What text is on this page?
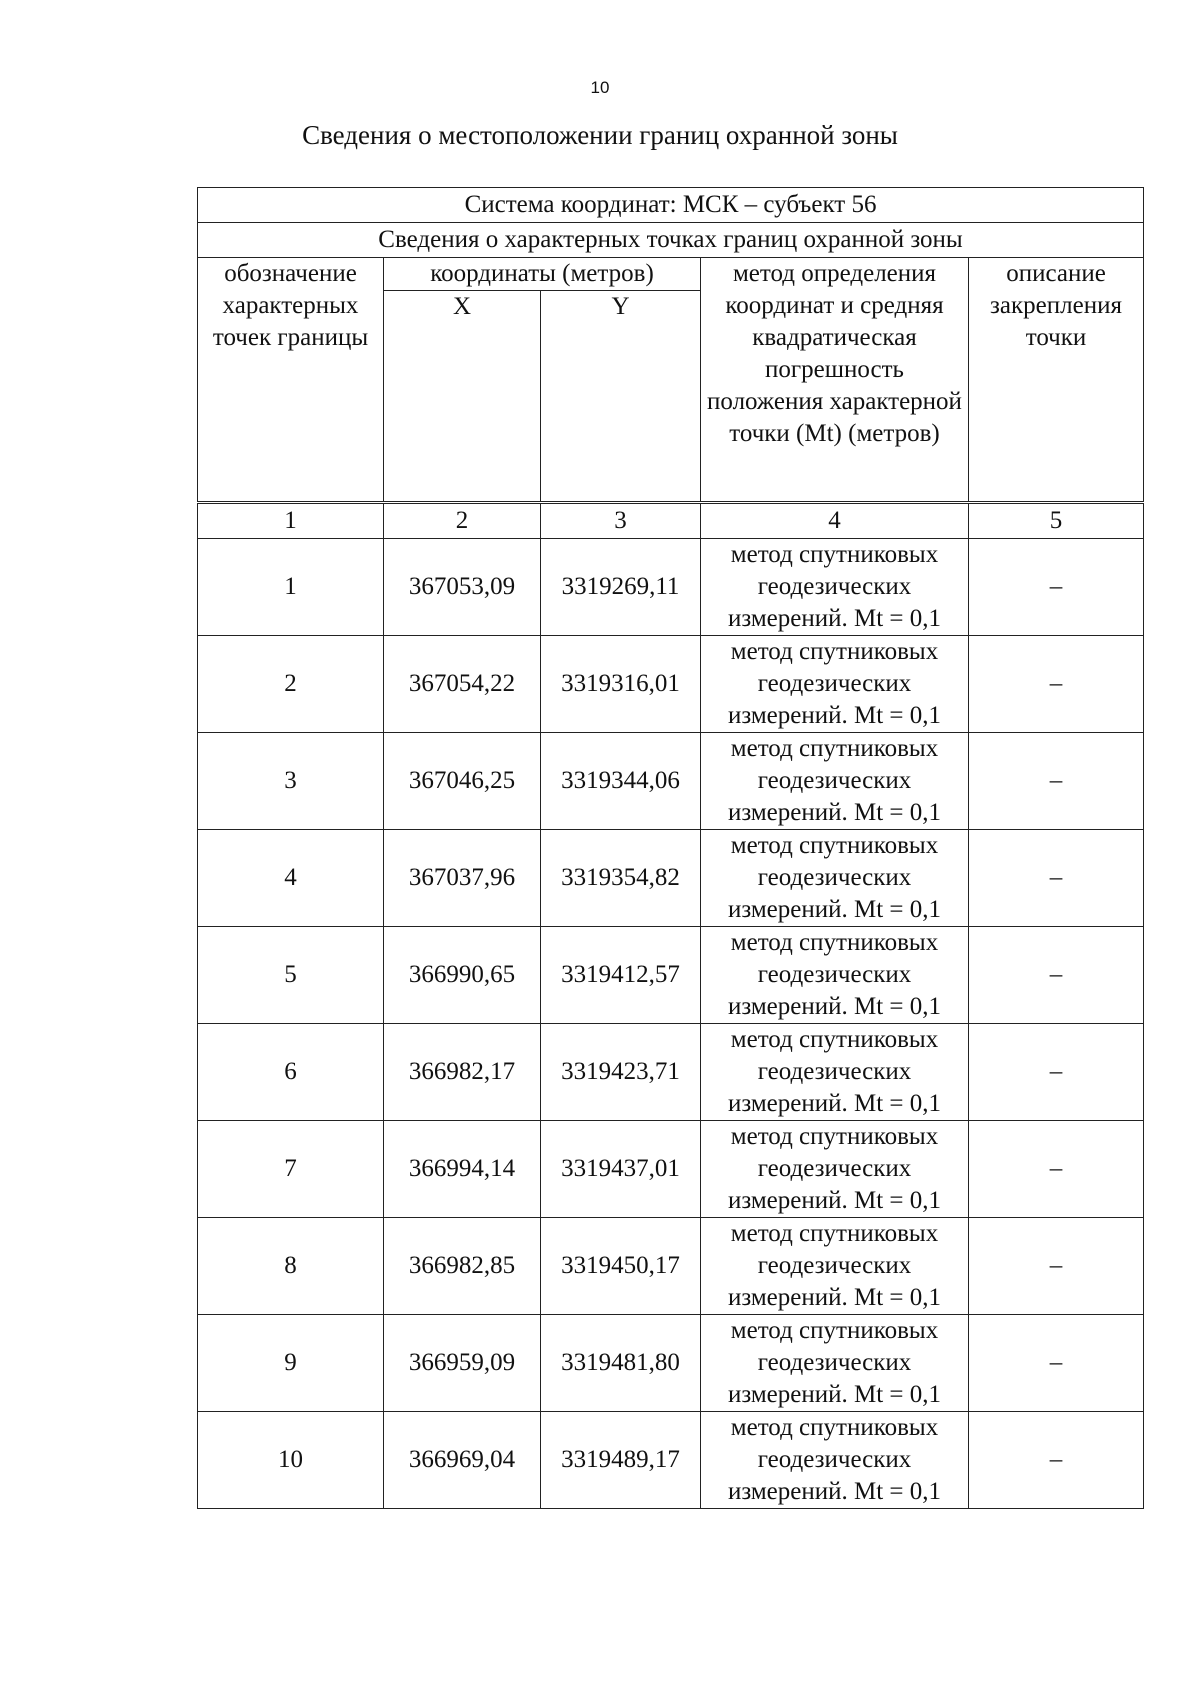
10
Сведения о местоположении границ охранной зоны
Система координат: МСК – субъект 56				
Сведения о характерных точках границ охранной зоны				
обозначение характерных точек границы	координаты (метров)		метод определения координат и средняя квадратическая погрешность положения характерной точки (Mt) (метров)	описание закрепления точки
	X	Y		
1	2	3	4	5
1	367053,09	3319269,11	метод спутниковых геодезических измерений. Mt = 0,1	–
2	367054,22	3319316,01	метод спутниковых геодезических измерений. Mt = 0,1	–
3	367046,25	3319344,06	метод спутниковых геодезических измерений. Mt = 0,1	–
4	367037,96	3319354,82	метод спутниковых геодезических измерений. Mt = 0,1	–
5	366990,65	3319412,57	метод спутниковых геодезических измерений. Mt = 0,1	–
6	366982,17	3319423,71	метод спутниковых геодезических измерений. Mt = 0,1	–
7	366994,14	3319437,01	метод спутниковых геодезических измерений. Mt = 0,1	–
8	366982,85	3319450,17	метод спутниковых геодезических измерений. Mt = 0,1	–
9	366959,09	3319481,80	метод спутниковых геодезических измерений. Mt = 0,1	–
10	366969,04	3319489,17	метод спутниковых геодезических измерений. Mt = 0,1	–
